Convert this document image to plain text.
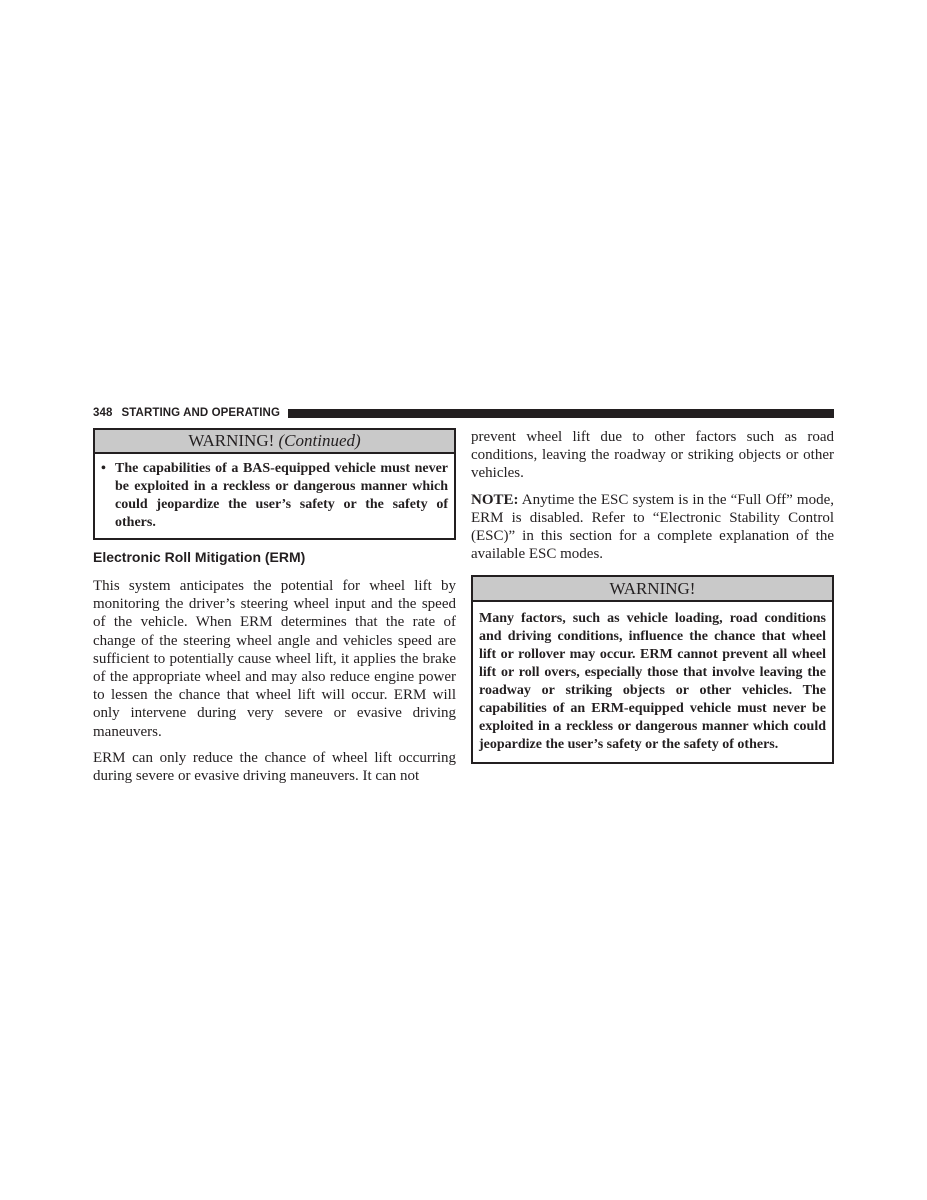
348 STARTING AND OPERATING
WARNING! (Continued)
• The capabilities of a BAS-equipped vehicle must never be exploited in a reckless or dangerous manner which could jeopardize the user’s safety or the safety of others.
Electronic Roll Mitigation (ERM)

This system anticipates the potential for wheel lift by monitoring the driver’s steering wheel input and the speed of the vehicle. When ERM determines that the rate of change of the steering wheel angle and vehicles speed are sufficient to potentially cause wheel lift, it applies the brake of the appropriate wheel and may also reduce engine power to lessen the chance that wheel lift will occur. ERM will only intervene during very severe or evasive driving maneuvers.

ERM can only reduce the chance of wheel lift occurring during severe or evasive driving maneuvers. It can not

prevent wheel lift due to other factors such as road conditions, leaving the roadway or striking objects or other vehicles.

NOTE: Anytime the ESC system is in the “Full Off” mode, ERM is disabled. Refer to “Electronic Stability Control (ESC)” in this section for a complete explanation of the available ESC modes.

WARNING!
Many factors, such as vehicle loading, road conditions and driving conditions, influence the chance that wheel lift or rollover may occur. ERM cannot prevent all wheel lift or roll overs, especially those that involve leaving the roadway or striking objects or other vehicles. The capabilities of an ERM-equipped vehicle must never be exploited in a reckless or dangerous manner which could jeopardize the user’s safety or the safety of others.
